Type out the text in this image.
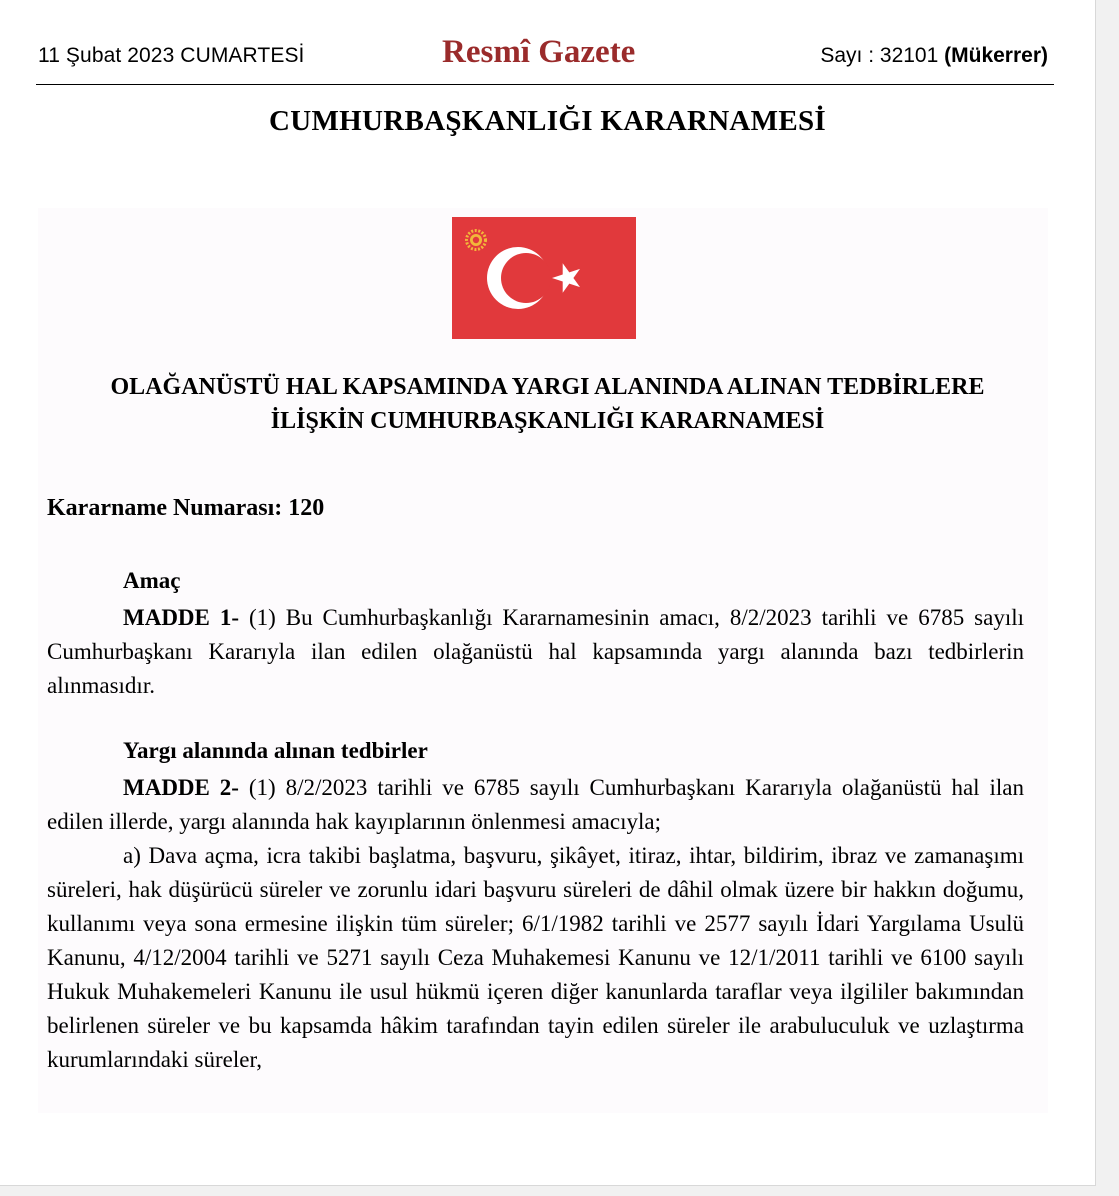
11 Şubat 2023 CUMARTESİ	Resmî Gazete	Sayı : 32101 (Mükerrer)
CUMHURBAŞKANLIĞI KARARNAMESİ
OLAĞANÜSTÜ HAL KAPSAMINDA YARGI ALANINDA ALINAN TEDBİRLERE
İLİŞKİN CUMHURBAŞKANLIĞI KARARNAMESİ
Kararname Numarası: 120
Amaç

MADDE 1- (1) Bu Cumhurbaşkanlığı Kararnamesinin amacı, 8/2/2023 tarihli ve 6785 sayılı Cumhurbaşkanı Kararıyla ilan edilen olağanüstü hal kapsamında yargı alanında bazı tedbirlerin alınmasıdır.

Yargı alanında alınan tedbirler

MADDE 2- (1) 8/2/2023 tarihli ve 6785 sayılı Cumhurbaşkanı Kararıyla olağanüstü hal ilan edilen illerde, yargı alanında hak kayıplarının önlenmesi amacıyla;

a) Dava açma, icra takibi başlatma, başvuru, şikâyet, itiraz, ihtar, bildirim, ibraz ve zamanaşımı süreleri, hak düşürücü süreler ve zorunlu idari başvuru süreleri de dâhil olmak üzere bir hakkın doğumu, kullanımı veya sona ermesine ilişkin tüm süreler; 6/1/1982 tarihli ve 2577 sayılı İdari Yargılama Usulü Kanunu, 4/12/2004 tarihli ve 5271 sayılı Ceza Muhakemesi Kanunu ve 12/1/2011 tarihli ve 6100 sayılı Hukuk Muhakemeleri Kanunu ile usul hükmü içeren diğer kanunlarda taraflar veya ilgililer bakımından belirlenen süreler ve bu kapsamda hâkim tarafından tayin edilen süreler ile arabuluculuk ve uzlaştırma kurumlarındaki süreler,
